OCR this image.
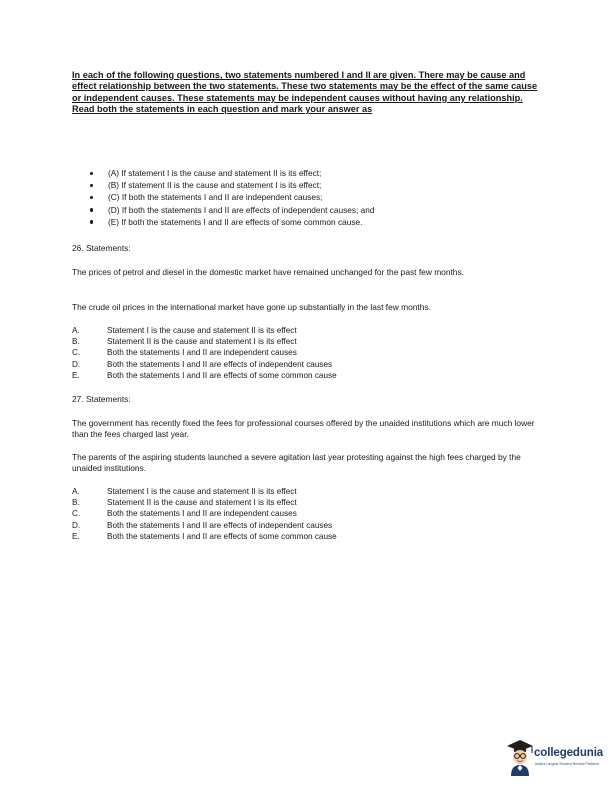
In each of the following questions, two statements numbered I and II are given. There may be cause and effect relationship between the two statements. These two statements may be the effect of the same cause or independent causes. These statements may be independent causes without having any relationship. Read both the statements in each question and mark your answer as
(A) If statement I is the cause and statement II is its effect;
(B) If statement II is the cause and statement I is its effect;
(C) If both the statements I and II are independent causes;
(D) If both the statements I and II are effects of independent causes; and
(E) If both the statements I and II are effects of some common cause.
26. Statements:
The prices of petrol and diesel in the domestic market have remained unchanged for the past few months.
The crude oil prices in the international market have gone up substantially in the last few months.
A.	Statement I is the cause and statement II is its effect
B.	Statement II is the cause and statement I is its effect
C.	Both the statements I and II are independent causes
D.	Both the statements I and II are effects of independent causes
E.	Both the statements I and II are effects of some common cause
27. Statements:
The government has recently fixed the fees for professional courses offered by the unaided institutions which are much lower than the fees charged last year.
The parents of the aspiring students launched a severe agitation last year protesting against the high fees charged by the unaided institutions.
A.	Statement I is the cause and statement II is its effect
B.	Statement II is the cause and statement I is its effect
C.	Both the statements I and II are independent causes
D.	Both the statements I and II are effects of independent causes
E.	Both the statements I and II are effects of some common cause
collegedunia
India's Largest Student Review Platform
